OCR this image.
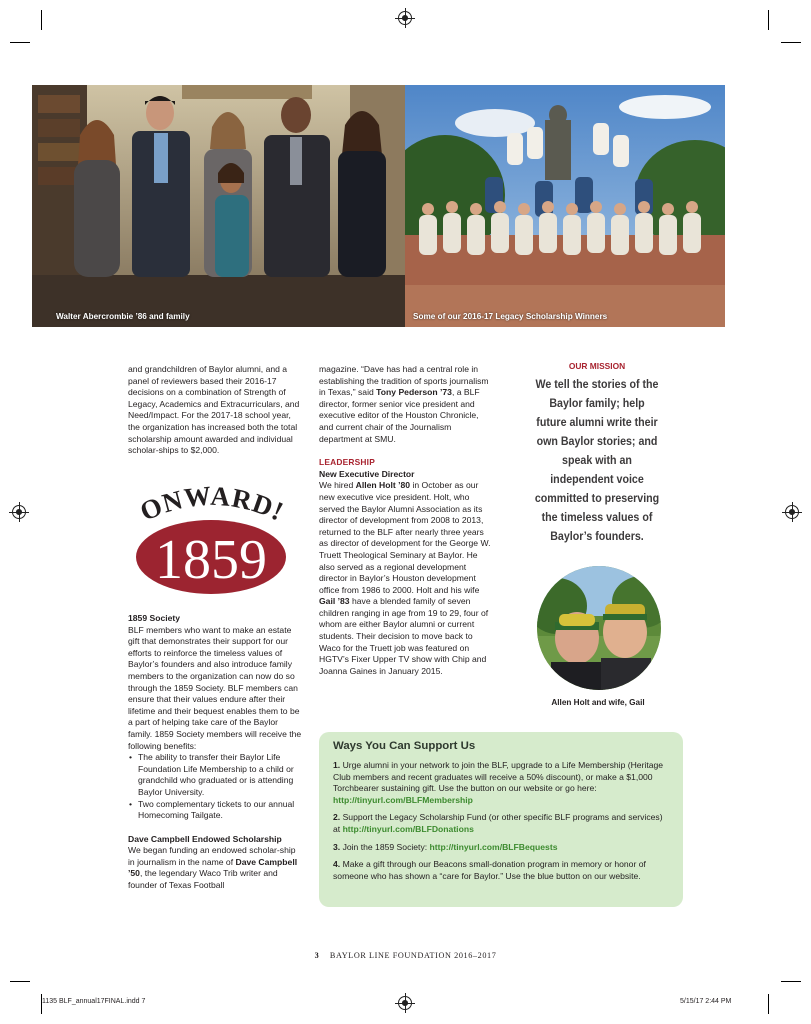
Walter Abercrombie ’86 and family	Some of our 2016-17 Legacy Scholarship Winners

and grandchildren of Baylor alumni, and a panel of reviewers based their 2016-17 decisions on a combination of Strength of Legacy, Academics and Extracurriculars, and Need/Impact. For the 2017-18 school year, the organization has increased both the total scholarship amount awarded and individual scholar-ships to $2,000.

ONWARD!
1859
1859 Society

BLF members who want to make an estate gift that demonstrates their support for our efforts to reinforce the timeless values of Baylor’s founders and also introduce family members to the organization can now do so through the 1859 Society. BLF members can ensure that their values endure after their lifetime and their bequest enables them to be a part of helping take care of the Baylor family. 1859 Society members will receive the following benefits:

• The ability to transfer their Baylor Life Foundation Life Membership to a child or grandchild who graduated or is attending Baylor University.
• Two complementary tickets to our annual Homecoming Tailgate.
Dave Campbell Endowed Scholarship

We began funding an endowed scholar-ship in journalism in the name of Dave Campbell ’50, the legendary Waco Trib writer and founder of Texas Football

magazine. “Dave has had a central role in establishing the tradition of sports journalism in Texas,” said Tony Pederson ’73, a BLF director, former senior vice president and executive editor of the Houston Chronicle, and current chair of the Journalism department at SMU.

LEADERSHIP
New Executive Director

We hired Allen Holt ’80 in October as our new executive vice president. Holt, who served the Baylor Alumni Association as its director of development from 2008 to 2013, returned to the BLF after nearly three years as director of development for the George W. Truett Theological Seminary at Baylor. He also served as a regional development director in Baylor’s Houston development office from 1986 to 2000. Holt and his wife Gail ’83 have a blended family of seven children ranging in age from 19 to 29, four of whom are either Baylor alumni or current students. Their decision to move back to Waco for the Truett job was featured on HGTV’s Fixer Upper TV show with Chip and Joanna Gaines in January 2015.

OUR MISSION
We tell the stories of the Baylor family; help future alumni write their own Baylor stories; and speak with an independent voice committed to preserving the timeless values of Baylor’s founders.
Allen Holt and wife, Gail
Ways You Can Support Us
1. Urge alumni in your network to join the BLF, upgrade to a Life Membership (Heritage Club members and recent graduates will receive a 50% discount), or make a $1,000 Torchbearer sustaining gift. Use the button on our website or go here: http://tinyurl.com/BLFMembership
2. Support the Legacy Scholarship Fund (or other specific BLF programs and services) at http://tinyurl.com/BLFDonations
3. Join the 1859 Society: http://tinyurl.com/BLFBequests
4. Make a gift through our Beacons small-donation program in memory or honor of someone who has shown a “care for Baylor.” Use the blue button on our website.
3 BAYLOR LINE FOUNDATION 2016–2017
1135 BLF_annual17FINAL.indd 7	5/15/17 2:44 PM
